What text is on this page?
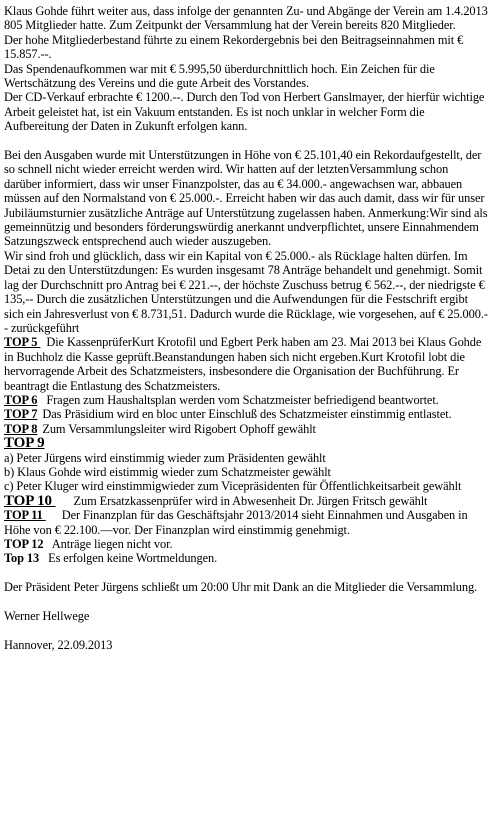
Klaus Gohde führt weiter aus, dass infolge der genannten Zu- und Abgänge der Verein am 1.4.2013 805 Mitglieder hatte. Zum Zeitpunkt der Versammlung hat der Verein bereits 820 Mitglieder.

Der hohe Mitgliederbestand führte zu einem Rekordergebnis bei den Beitragseinnahmen mit € 15.857.--.

Das Spendenaufkommen war mit € 5.995,50 überdurchnittlich hoch. Ein Zeichen für die Wertschätzung des Vereins und die gute Arbeit des Vorstandes.

Der CD-Verkauf erbrachte € 1200.--. Durch den Tod von Herbert Ganslmayer, der hierfür wichtige Arbeit geleistet hat, ist ein Vakuum entstanden. Es ist noch unklar in welcher Form die Aufbereitung der Daten in Zukunft erfolgen kann.

Bei den Ausgaben wurde mit Unterstützungen in Höhe von € 25.101,40 ein Rekordaufgestellt, der so schnell nicht wieder erreicht werden wird. Wir hatten auf der letztenVersammlung schon darüber informiert, dass wir unser Finanzpolster, das au € 34.000.- angewachsen war, abbauen müssen auf den Normalstand von € 25.000.-. Erreicht haben wir das auch damit, dass wir für unser Jubiläumsturnier zusätzliche Anträge auf Unterstützung zugelassen haben. Anmerkung:Wir sind als gemeinnützig und besonders förderungswürdig anerkannt undverpflichtet, unsere Einnahmendem Satzungszweck entsprechend auch wieder auszugeben.

Wir sind froh und glücklich, dass wir ein Kapital von € 25.000.- als Rücklage halten dürfen. Im Detai zu den Unterstützdungen: Es wurden insgesamt 78 Anträge behandelt und genehmigt. Somit lag der Durchschnitt pro Antrag bei € 221.--, der höchste Zuschuss betrug € 562.--, der niedrigste € 135,-- Durch die zusätzlichen Unterstützungen und die Aufwendungen für die Festschrift ergibt sich ein Jahresverlust von € 8.731,51. Dadurch wurde die Rücklage, wie vorgesehen, auf € 25.000.-- zurückgeführt

TOP 5 Die KassenprüferKurt Krotofil und Egbert Perk haben am 23. Mai 2013 bei Klaus Gohde in Buchholz die Kasse geprüft.Beanstandungen haben sich nicht ergeben.Kurt Krotofil lobt die hervorragende Arbeit des Schatzmeisters, insbesondere die Organisation der Buchführung. Er beantragt die Entlastung des Schatzmeisters.

TOP 6 Fragen zum Haushaltsplan werden vom Schatzmeister befriedigend beantwortet.

TOP 7 Das Präsidium wird en bloc unter Einschluß des Schatzmeister einstimmig entlastet.

TOP 8 Zum Versammlungsleiter wird Rigobert Ophoff gewählt

TOP 9

a) Peter Jürgens wird einstimmig wieder zum Präsidenten gewählt

b) Klaus Gohde wird eistimmig wieder zum Schatzmeister gewählt

c) Peter Kluger wird einstimmigwieder zum Vicepräsidenten für Öffentlichkeitsarbeit gewählt

TOP 10 Zum Ersatzkassenprüfer wird in Abwesenheit Dr. Jürgen Fritsch gewählt

TOP 11 Der Finanzplan für das Geschäftsjahr 2013/2014 sieht Einnahmen und Ausgaben in Höhe von € 22.100.—vor. Der Finanzplan wird einstimmig genehmigt.

TOP 12 Anträge liegen nicht vor.

Top 13 Es erfolgen keine Wortmeldungen.

Der Präsident Peter Jürgens schließt um 20:00 Uhr mit Dank an die Mitglieder die Versammlung.

Werner Hellwege

Hannover, 22.09.2013
